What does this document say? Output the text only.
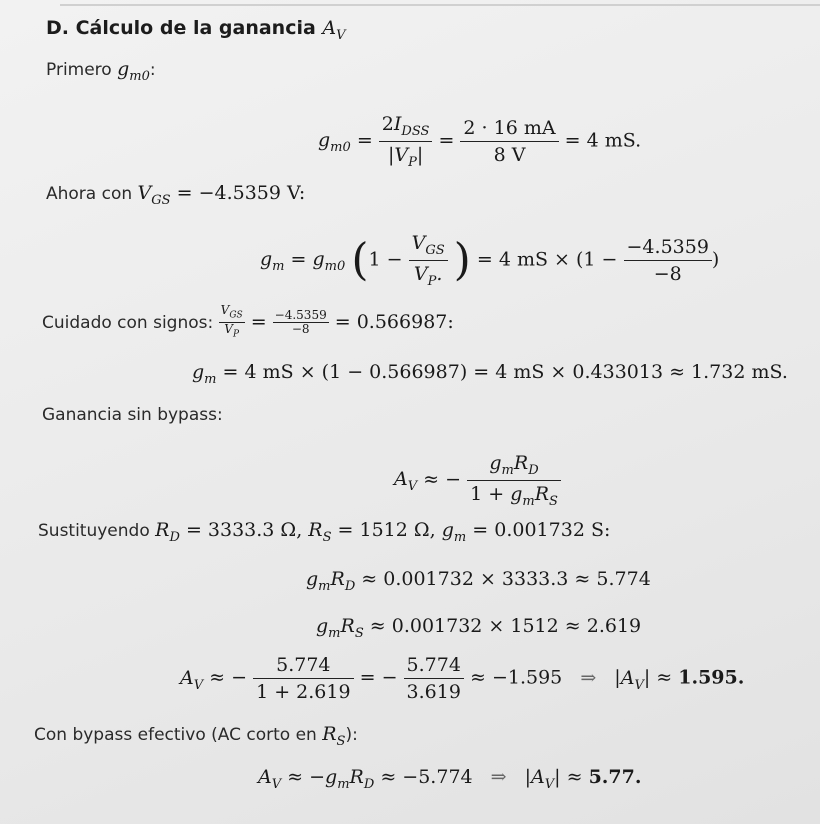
D. Cálculo de la ganancia $A_V$
Primero $g_{m0}$:
$g_{m0} = \frac{2I_{DSS}}{|V_P|} = \frac{2 \cdot 16 mA}{8 V} = 4$ mS.
Ahora con $V_{GS} = -4.5359$ V:
$g_m = g_{m0}$ ($1 - \frac{V_{GS}}{V_P.}$ ) = 4 mS × ($1 - \frac{-4.5359}{-8}$ )
Cuidado con signos:
$V_{GS}$
$V_P$
= $\frac{-4.5359}{-8} = 0.566987$:
$g_m = 4$ mS × (1 − 0.566987) = 4 mS × 0.433013 ≈ 1.732 mS.
Ganancia sin bypass:
$A_V$ ≈ − $\frac{g_mR_D}{1 + g_mR_S}$
Sustituyendo $R_D = 3333.3$ Ω, $R_S = 1512$ Ω, $g_m = 0.001732$ S:
$g_mR_D \approx 0.001732 \times 3333.3 \approx 5.774$
$g_mR_S \approx 0.001732 \times 1512 \approx 2.619$
$A_V$ ≈ − $\frac{5.774}{1 + 2.619}$ = − $\frac{5.774}{3.619} \approx -1.595$ ⇒ $|A_V| \approx 1.595$.
Con bypass efectivo (AC corto en $R_S$):
$A_V \approx -g_mR_D \approx -5.774$ ⇒ $|A_V| \approx 5.77$.
